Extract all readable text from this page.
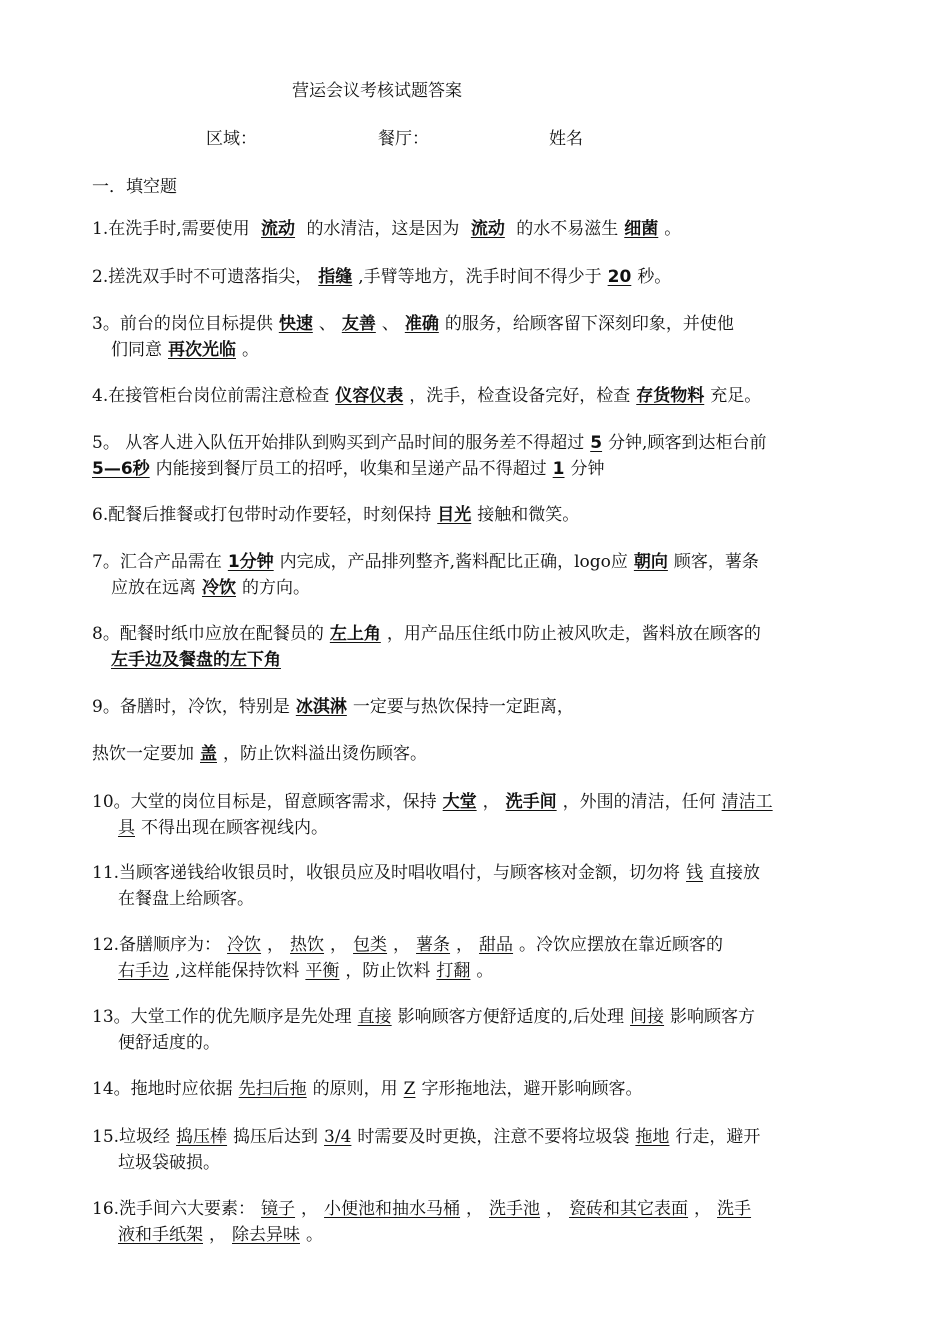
营运会议考核试题答案
区域：	餐厅：	姓名
一．填空题
1.在洗手时,需要使用 流动 的水清洁，这是因为 流动 的水不易滋生 细菌 。
2.搓洗双手时不可遗落指尖， 指缝 ,手臂等地方，洗手时间不得少于 20 秒。
3。前台的岗位目标提供 快速 、 友善 、 准确 的服务，给顾客留下深刻印象，并使他
们同意 再次光临 。
4.在接管柜台岗位前需注意检查 仪容仪表 ，洗手，检查设备完好，检查 存货物料 充足。
5。 从客人进入队伍开始排队到购买到产品时间的服务差不得超过 5 分钟,顾客到达柜台前
5—6秒 内能接到餐厅员工的招呼，收集和呈递产品不得超过 1 分钟
6.配餐后推餐或打包带时动作要轻，时刻保持 目光 接触和微笑。
7。汇合产品需在 1分钟 内完成，产品排列整齐,酱料配比正确，logo应 朝向 顾客，薯条
应放在远离 冷饮 的方向。
8。配餐时纸巾应放在配餐员的 左上角 ，用产品压住纸巾防止被风吹走，酱料放在顾客的
左手边及餐盘的左下角
9。备膳时，冷饮，特别是 冰淇淋 一定要与热饮保持一定距离，
热饮一定要加 盖 ，防止饮料溢出烫伤顾客。
10。大堂的岗位目标是，留意顾客需求，保持 大堂 ， 洗手间 ，外围的清洁，任何 清洁工
具 不得出现在顾客视线内。
11.当顾客递钱给收银员时，收银员应及时唱收唱付，与顾客核对金额，切勿将 钱 直接放
在餐盘上给顾客。
12.备膳顺序为： 冷饮 ， 热饮 ， 包类 ， 薯条 ， 甜品 。冷饮应摆放在靠近顾客的
右手边 ,这样能保持饮料 平衡 ，防止饮料 打翻 。
13。大堂工作的优先顺序是先处理 直接 影响顾客方便舒适度的,后处理 间接 影响顾客方
便舒适度的。
14。拖地时应依据 先扫后拖 的原则，用 Z 字形拖地法，避开影响顾客。
15.垃圾经 捣压棒 捣压后达到 3/4 时需要及时更换，注意不要将垃圾袋 拖地 行走，避开
垃圾袋破损。
16.洗手间六大要素： 镜子 ， 小便池和抽水马桶 ， 洗手池 ， 瓷砖和其它表面 ， 洗手
液和手纸架 ， 除去异味 。
